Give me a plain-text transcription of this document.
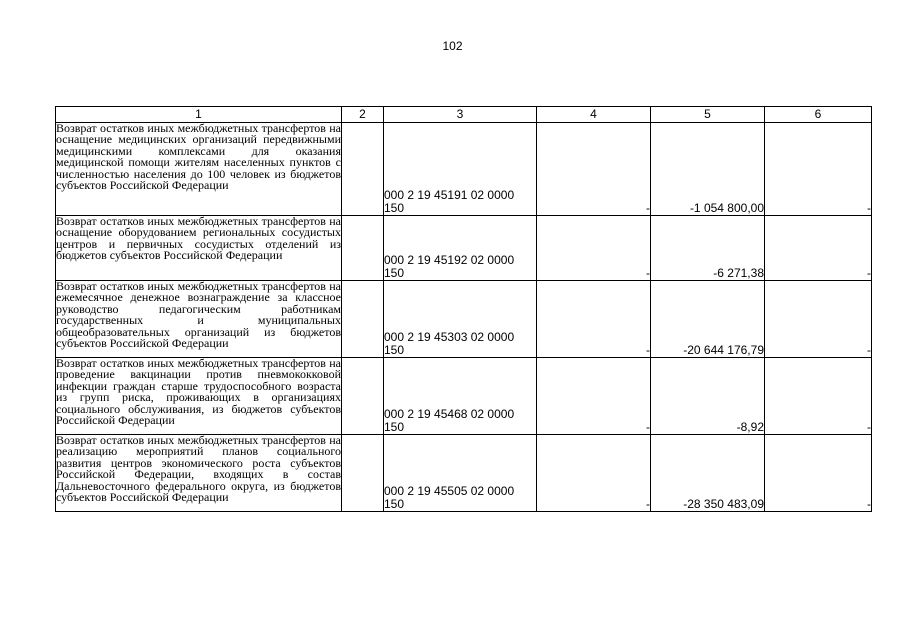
102
1	2	3	4	5	6
Возврат остатков иных межбюджетных трансфертов на оснащение медицинских организаций передвижными медицинскими комплексами для оказания медицинской помощи жителям населенных пунктов с численностью населения до 100 человек из бюджетов субъектов Российской Федерации		000 2 19 45191 02 0000 150	-	-1 054 800,00	-
Возврат остатков иных межбюджетных трансфертов на оснащение оборудованием региональных сосудистых центров и первичных сосудистых отделений из бюджетов субъектов Российской Федерации		000 2 19 45192 02 0000 150	-	-6 271,38	-
Возврат остатков иных межбюджетных трансфертов на ежемесячное денежное вознаграждение за классное руководство педагогическим работникам государственных и муниципальных общеобразовательных организаций из бюджетов субъектов Российской Федерации		000 2 19 45303 02 0000 150	-	-20 644 176,79	-
Возврат остатков иных межбюджетных трансфертов на проведение вакцинации против пневмококковой инфекции граждан старше трудоспособного возраста из групп риска, проживающих в организациях социального обслуживания, из бюджетов субъектов Российской Федерации		000 2 19 45468 02 0000 150	-	-8,92	-
Возврат остатков иных межбюджетных трансфертов на реализацию мероприятий планов социального развития центров экономического роста субъектов Российской Федерации, входящих в состав Дальневосточного федерального округа, из бюджетов субъектов Российской Федерации		000 2 19 45505 02 0000 150	-	-28 350 483,09	-
